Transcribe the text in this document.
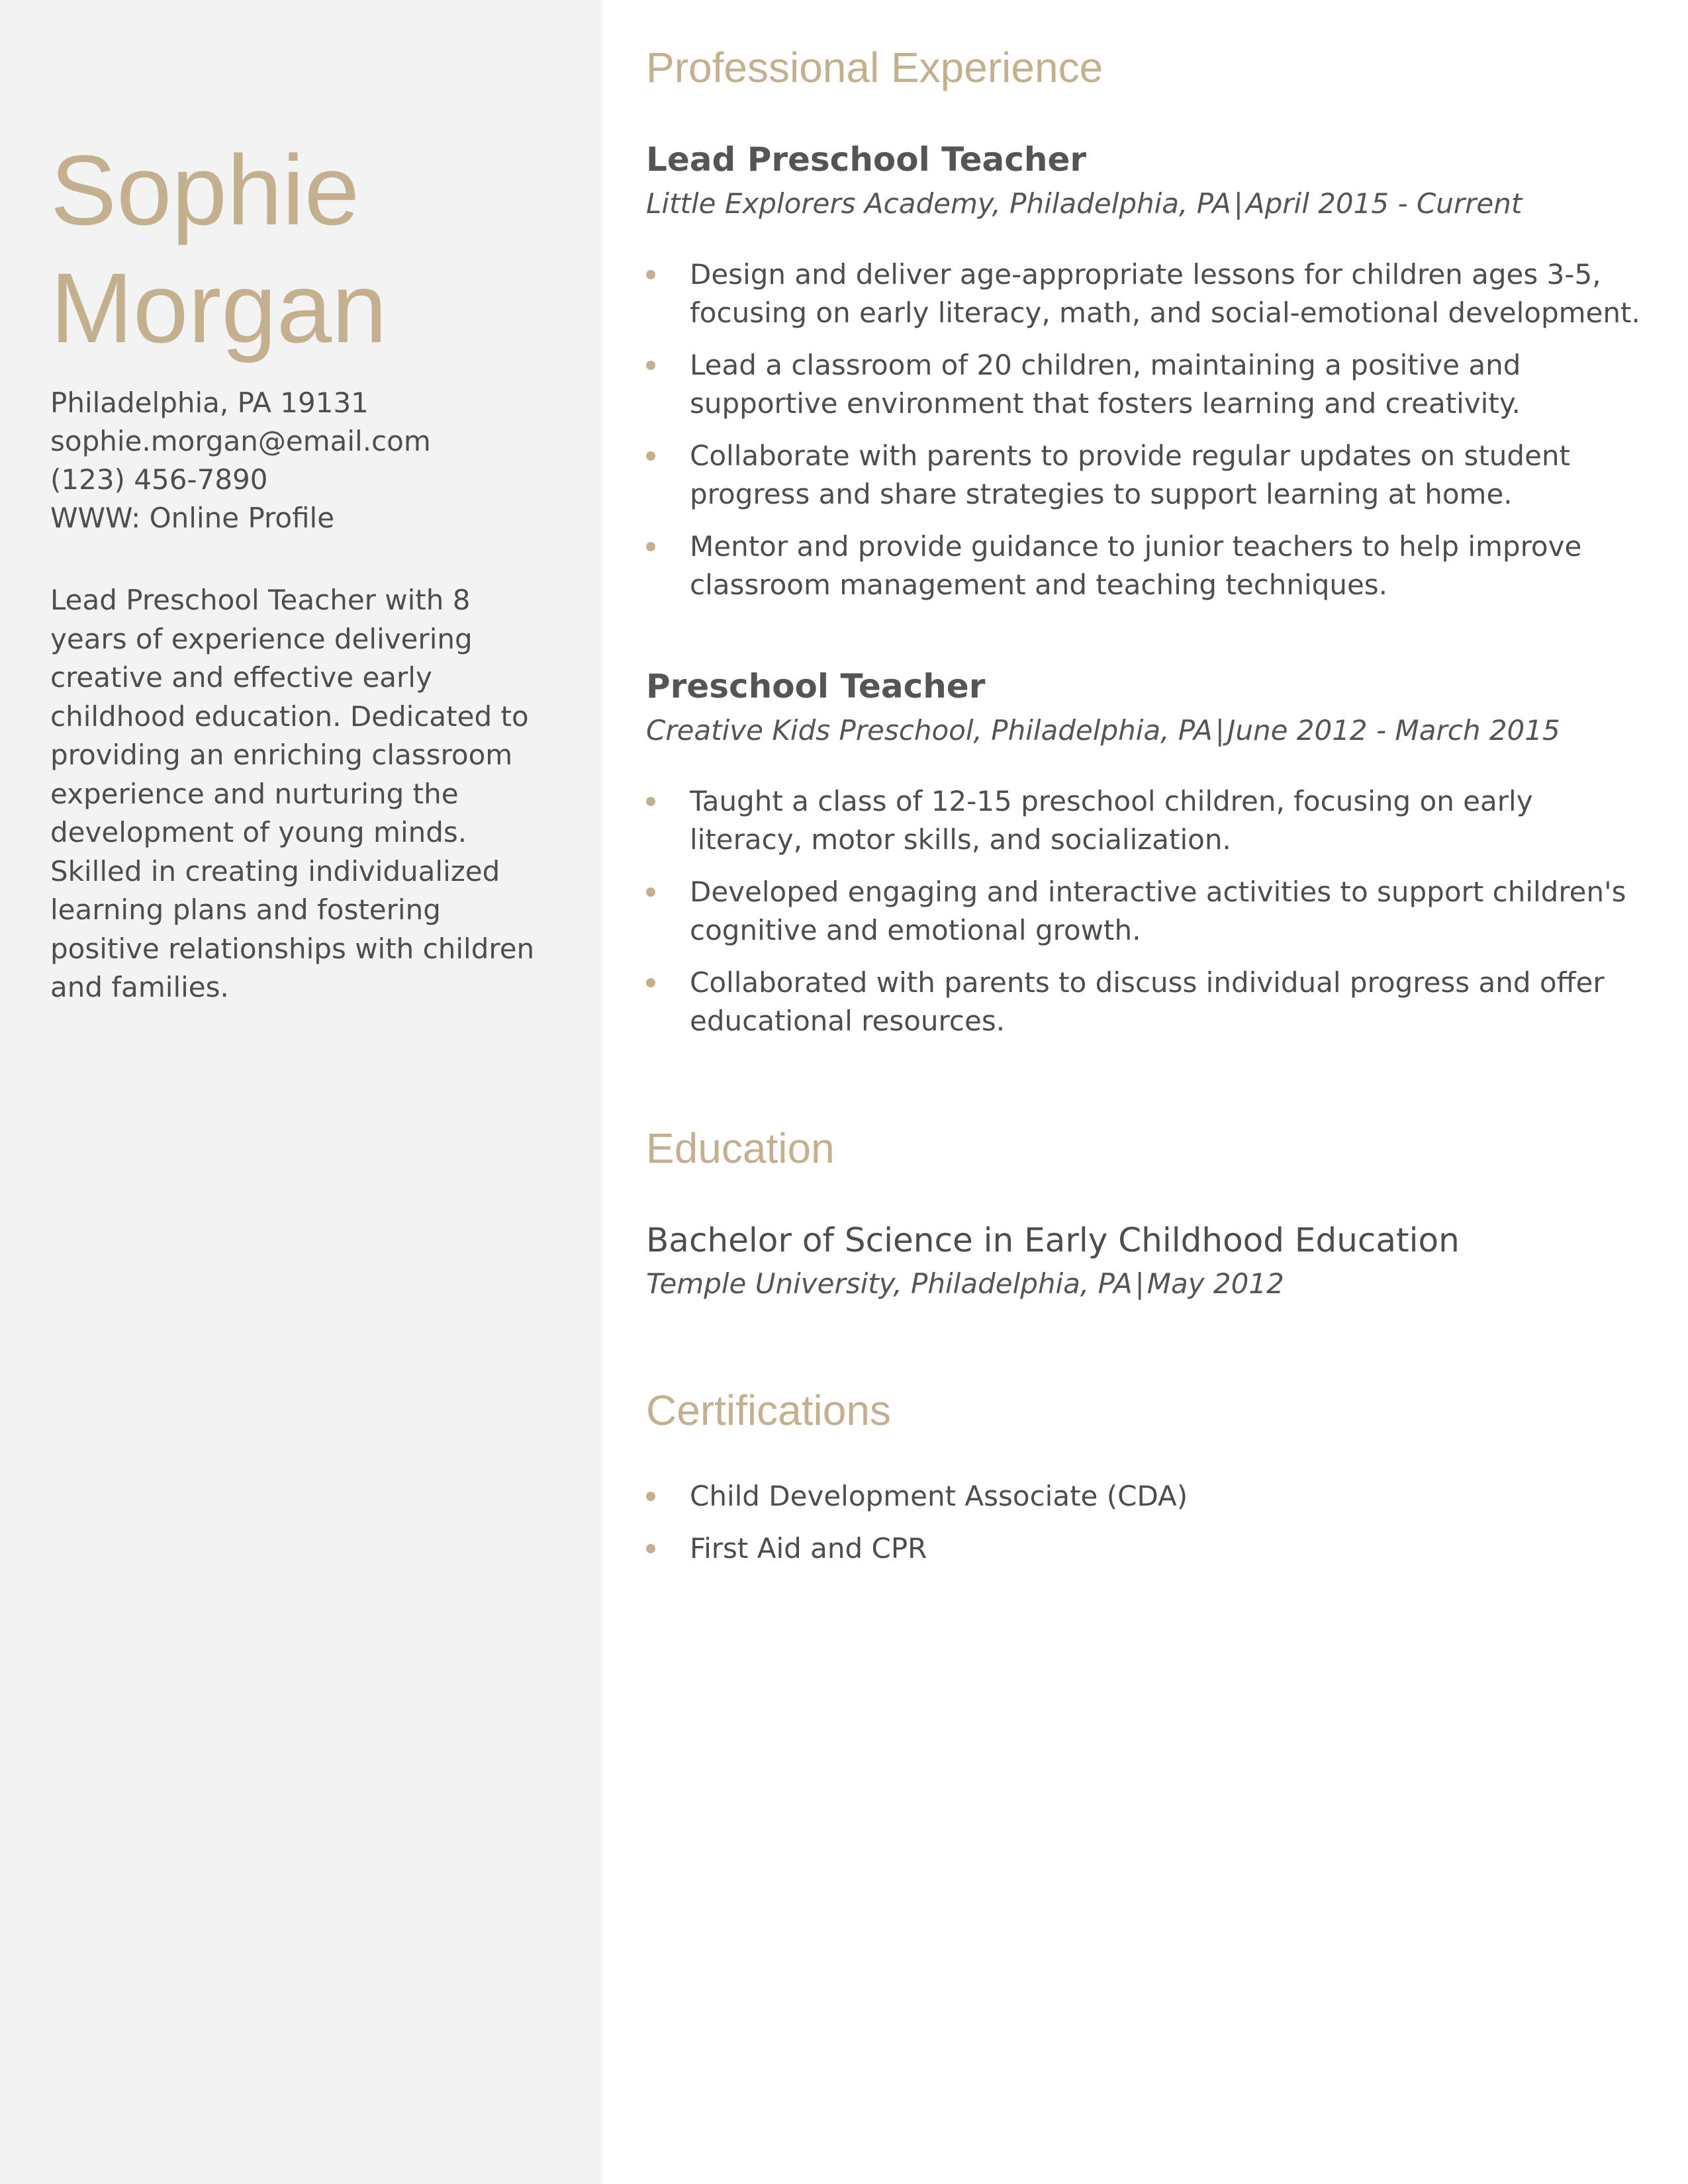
Sophie
Morgan
Philadelphia, PA 19131
sophie.morgan@email.com
(123) 456-7890
WWW: Online Profile

Lead Preschool Teacher with 8 years of experience delivering creative and effective early childhood education. Dedicated to providing an enriching classroom experience and nurturing the development of young minds. Skilled in creating individualized learning plans and fostering positive relationships with children and families.

Professional Experience
Lead Preschool Teacher
Little Explorers Academy, Philadelphia, PA|April 2015 - Current
Design and deliver age-appropriate lessons for children ages 3-5, focusing on early literacy, math, and social-emotional development.
Lead a classroom of 20 children, maintaining a positive and supportive environment that fosters learning and creativity.
Collaborate with parents to provide regular updates on student progress and share strategies to support learning at home.
Mentor and provide guidance to junior teachers to help improve classroom management and teaching techniques.
Preschool Teacher
Creative Kids Preschool, Philadelphia, PA|June 2012 - March 2015
Taught a class of 12-15 preschool children, focusing on early literacy, motor skills, and socialization.
Developed engaging and interactive activities to support children's cognitive and emotional growth.
Collaborated with parents to discuss individual progress and offer educational resources.
Education
Bachelor of Science in Early Childhood Education
Temple University, Philadelphia, PA|May 2012
Certifications
Child Development Associate (CDA)
First Aid and CPR
